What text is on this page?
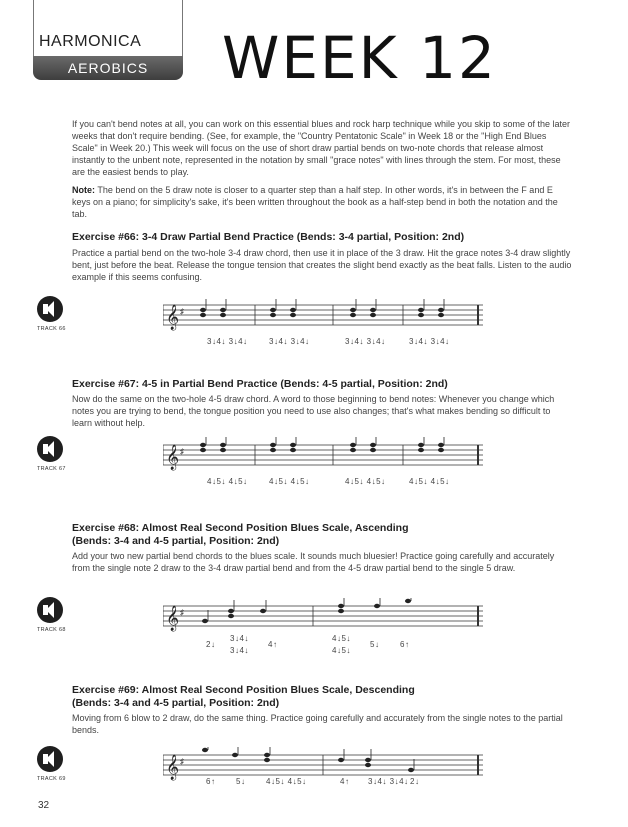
HARMONICA
AEROBICS	WEEK 12
If you can't bend notes at all, you can work on this essential blues and rock harp technique while you skip to some of the later weeks that don't require bending. (See, for example, the "Country Pentatonic Scale" in Week 18 or the "High End Blues Scale" in Week 20.) This week will focus on the use of short draw partial bends on two-note chords that release almost instantly to the unbent note, represented in the notation by small "grace notes" with lines through the stem. For most, these are the easiest bends to play.
Note: The bend on the 5 draw note is closer to a quarter step than a half step. In other words, it's in between the F and E keys on a piano; for simplicity's sake, it's been written throughout the book as a half-step bend in both the notation and the tab.
Exercise #66: 3-4 Draw Partial Bend Practice (Bends: 3-4 partial, Position: 2nd)
Practice a partial bend on the two-hole 3-4 draw chord, then use it in place of the 3 draw. Hit the grace notes 3-4 draw slightly bent, just before the beat. Release the tongue tension that creates the slight bend exactly as the beat falls. Listen to the audio example if this seems confusing.
TRACK 66	𝄞 ♯
3↓4↓ 3↓4↓	3↓4↓ 3↓4↓	3↓4↓ 3↓4↓	3↓4↓ 3↓4↓
Exercise #67: 4-5 in Partial Bend Practice (Bends: 4-5 partial, Position: 2nd)
Now do the same on the two-hole 4-5 draw chord. A word to those beginning to bend notes: Whenever you change which notes you are trying to bend, the tongue position you need to use also changes; that's what makes bending so difficult to learn without help.
TRACK 67	𝄞 ♯
4↓5↓ 4↓5↓	4↓5↓ 4↓5↓	4↓5↓ 4↓5↓	4↓5↓ 4↓5↓
Exercise #68: Almost Real Second Position Blues Scale, Ascending
(Bends: 3-4 and 4-5 partial, Position: 2nd)
Add your two new partial bend chords to the blues scale. It sounds much bluesier! Practice going carefully and accurately from the single note 2 draw to the 3-4 draw partial bend and from the 4-5 draw partial bend to the single 5 draw.
TRACK 68	𝄞 ♯
2↓3↓4↓ 3↓4↓4↑4↓5↓ 4↓5↓5↓	6↑
Exercise #69: Almost Real Second Position Blues Scale, Descending
(Bends: 3-4 and 4-5 partial, Position: 2nd)
Moving from 6 blow to 2 draw, do the same thing. Practice going carefully and accurately from the single notes to the partial bends.
TRACK 69	𝄞 ♯
6↑	5↓	4↓5↓ 4↓5↓	4↑ 3↓4↓ 3↓4↓2↓
32
